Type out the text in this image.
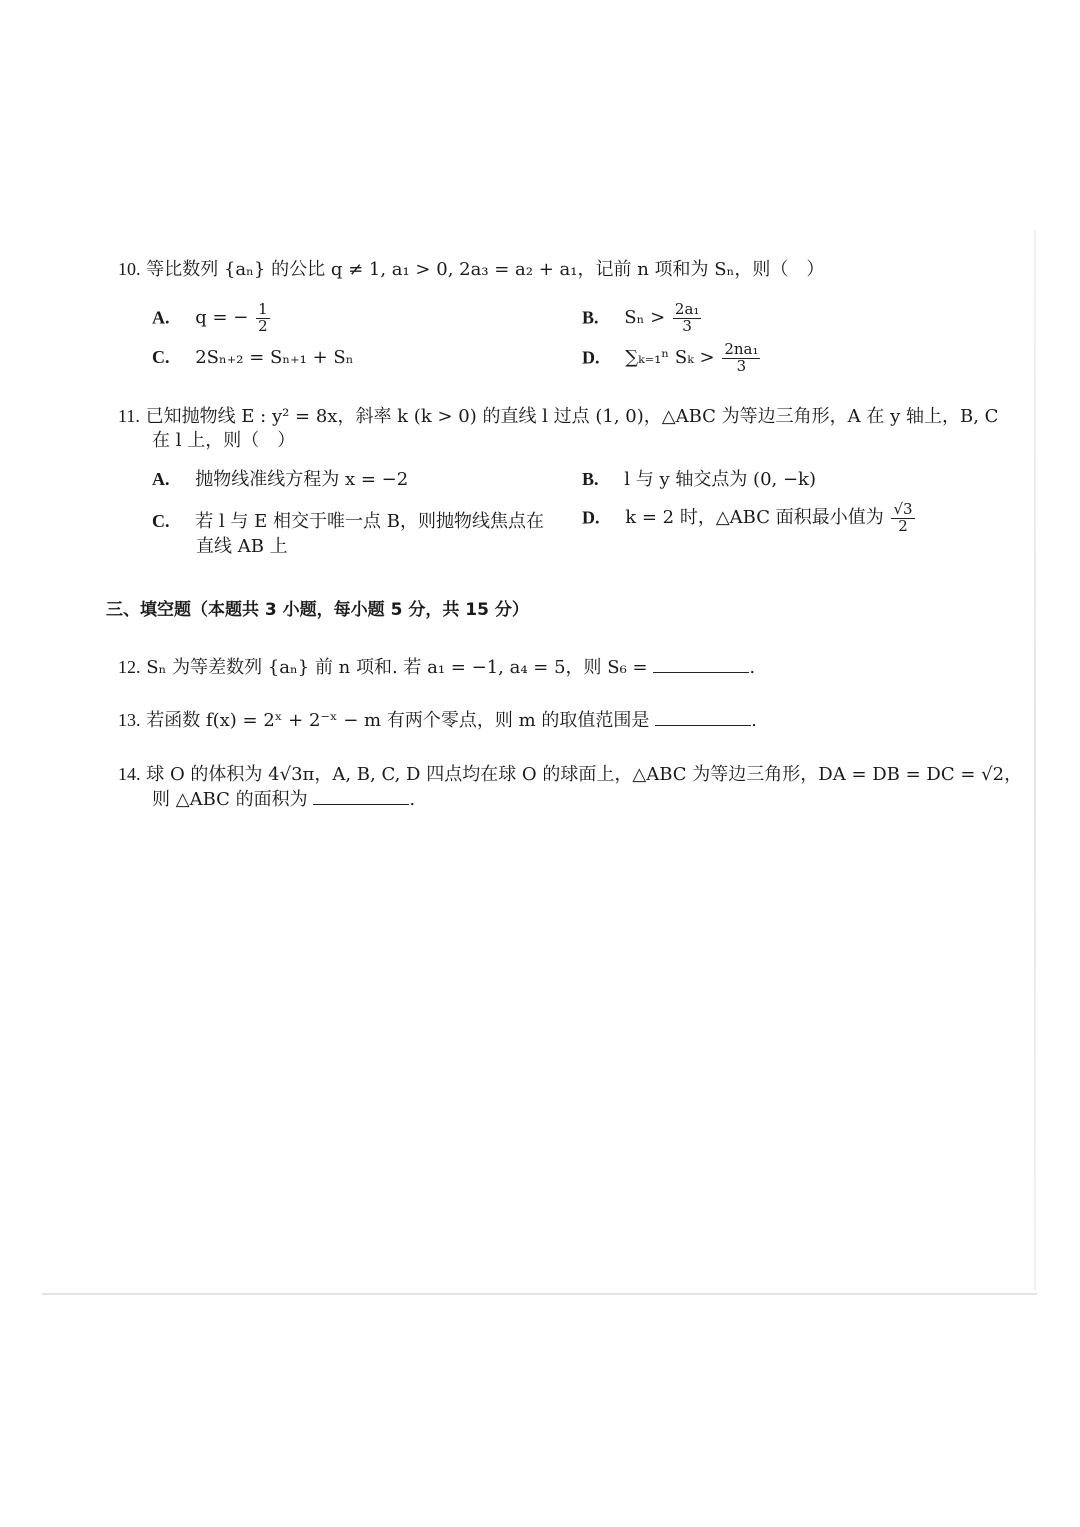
10. 等比数列 {aₙ} 的公比 q ≠ 1, a₁ > 0, 2a₃ = a₂ + a₁，记前 n 项和为 Sₙ，则（　）
A. q = − $\frac{1}{2}$	B. $S_n > \frac{\text{2a₁}}{3}$
C. 2Sₙ₊₂ = Sₙ₊₁ + Sₙ	D. ∑ₖ₌₁ⁿ $S_k > \frac{\text{2na₁}}{3}$
11. 已知抛物线 E : y² = 8x，斜率 k (k > 0) 的直线 l 过点 (1, 0)，△ABC 为等边三角形，A 在 y 轴上，B, C
在 l 上，则（　）
A. 抛物线准线方程为 x = −2	B. l 与 y 轴交点为 (0, −k)
C. 若 l 与 E 相交于唯一点 B，则抛物线焦点在
直线 AB 上
D. k = 2 时，△ABC 面积最小值为 $\frac{√3}{2}$
三、填空题（本题共 3 小题，每小题 5 分，共 15 分）
12. Sₙ 为等差数列 {aₙ} 前 n 项和. 若 a₁ = −1, a₄ = 5，则 S₆ =	.
13. 若函数 f(x) = 2ˣ + 2⁻ˣ − m 有两个零点，则 m 的取值范围是	.
14. 球 O 的体积为 4√3π，A, B, C, D 四点均在球 O 的球面上，△ABC 为等边三角形，DA = DB = DC = √2，
则 △ABC 的面积为	.
